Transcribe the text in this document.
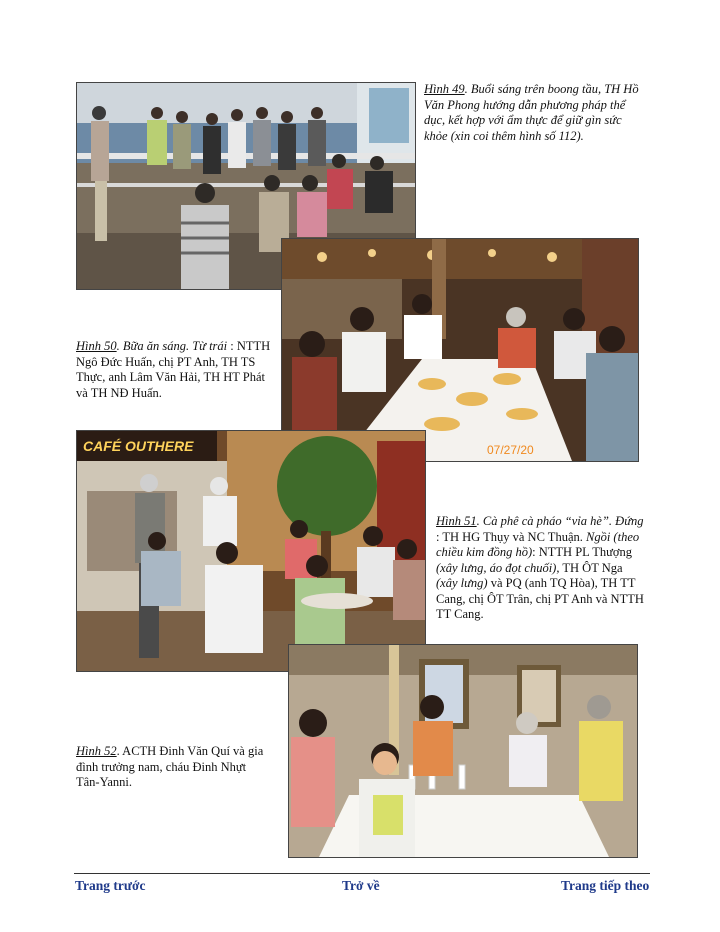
Hình 49. Buổi sáng trên boong tầu, TH Hồ Văn Phong hướng dẫn phương pháp thể dục, kết hợp với ẩm thực để giữ gìn sức khỏe (xin coi thêm hình số 112).
07/27/20
Hình 50. Bữa ăn sáng. Từ trái : NTTH Ngô Đức Huấn, chị PT Anh, TH TS Thực, anh Lâm Văn Hải, TH HT Phát và TH NĐ Huấn.
CAFÉ OUTHERE
Hình 51. Cà phê cà pháo “vỉa hè”. Đứng : TH HG Thụy và NC Thuận. Ngồi (theo chiều kim đồng hồ): NTTH PL Thượng (xây lưng, áo đọt chuối), TH ÔT Nga (xây lưng) và PQ (anh TQ Hòa), TH TT Cang, chị ÔT Trân, chị PT Anh và NTTH TT Cang.
Hình 52. ACTH Đinh Văn Quí và gia đình trưởng nam, cháu Đinh Nhựt Tân-Yanni.
Trang trước	Trở về	Trang tiếp theo
